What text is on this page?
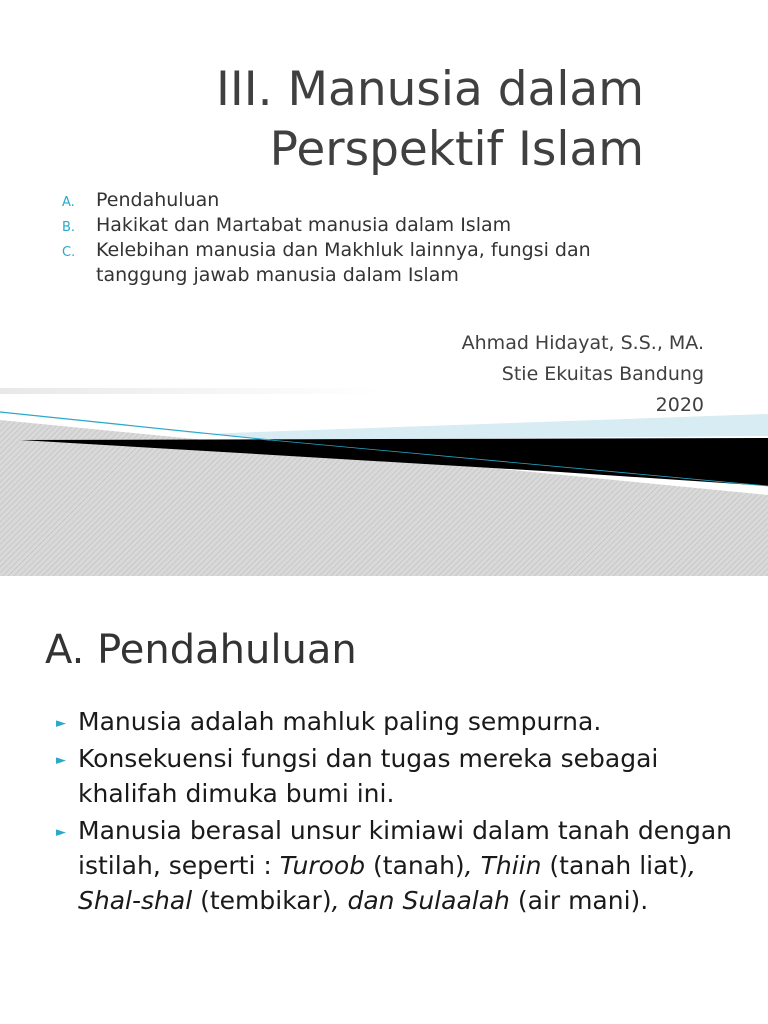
III. Manusia dalam
Perspektif Islam
A. Pendahuluan
B. Hakikat dan Martabat manusia dalam Islam
C. Kelebihan manusia dan Makhluk lainnya, fungsi dan tanggung jawab manusia dalam Islam
Ahmad Hidayat, S.S., MA.
Stie Ekuitas Bandung
2020
A. Pendahuluan
► Manusia adalah mahluk paling sempurna.
► Konsekuensi fungsi dan tugas mereka sebagai khalifah dimuka bumi ini.
► Manusia berasal unsur kimiawi dalam tanah dengan istilah, seperti : Turoob (tanah), Thiin (tanah liat), Shal-shal (tembikar), dan Sulaalah (air mani).
